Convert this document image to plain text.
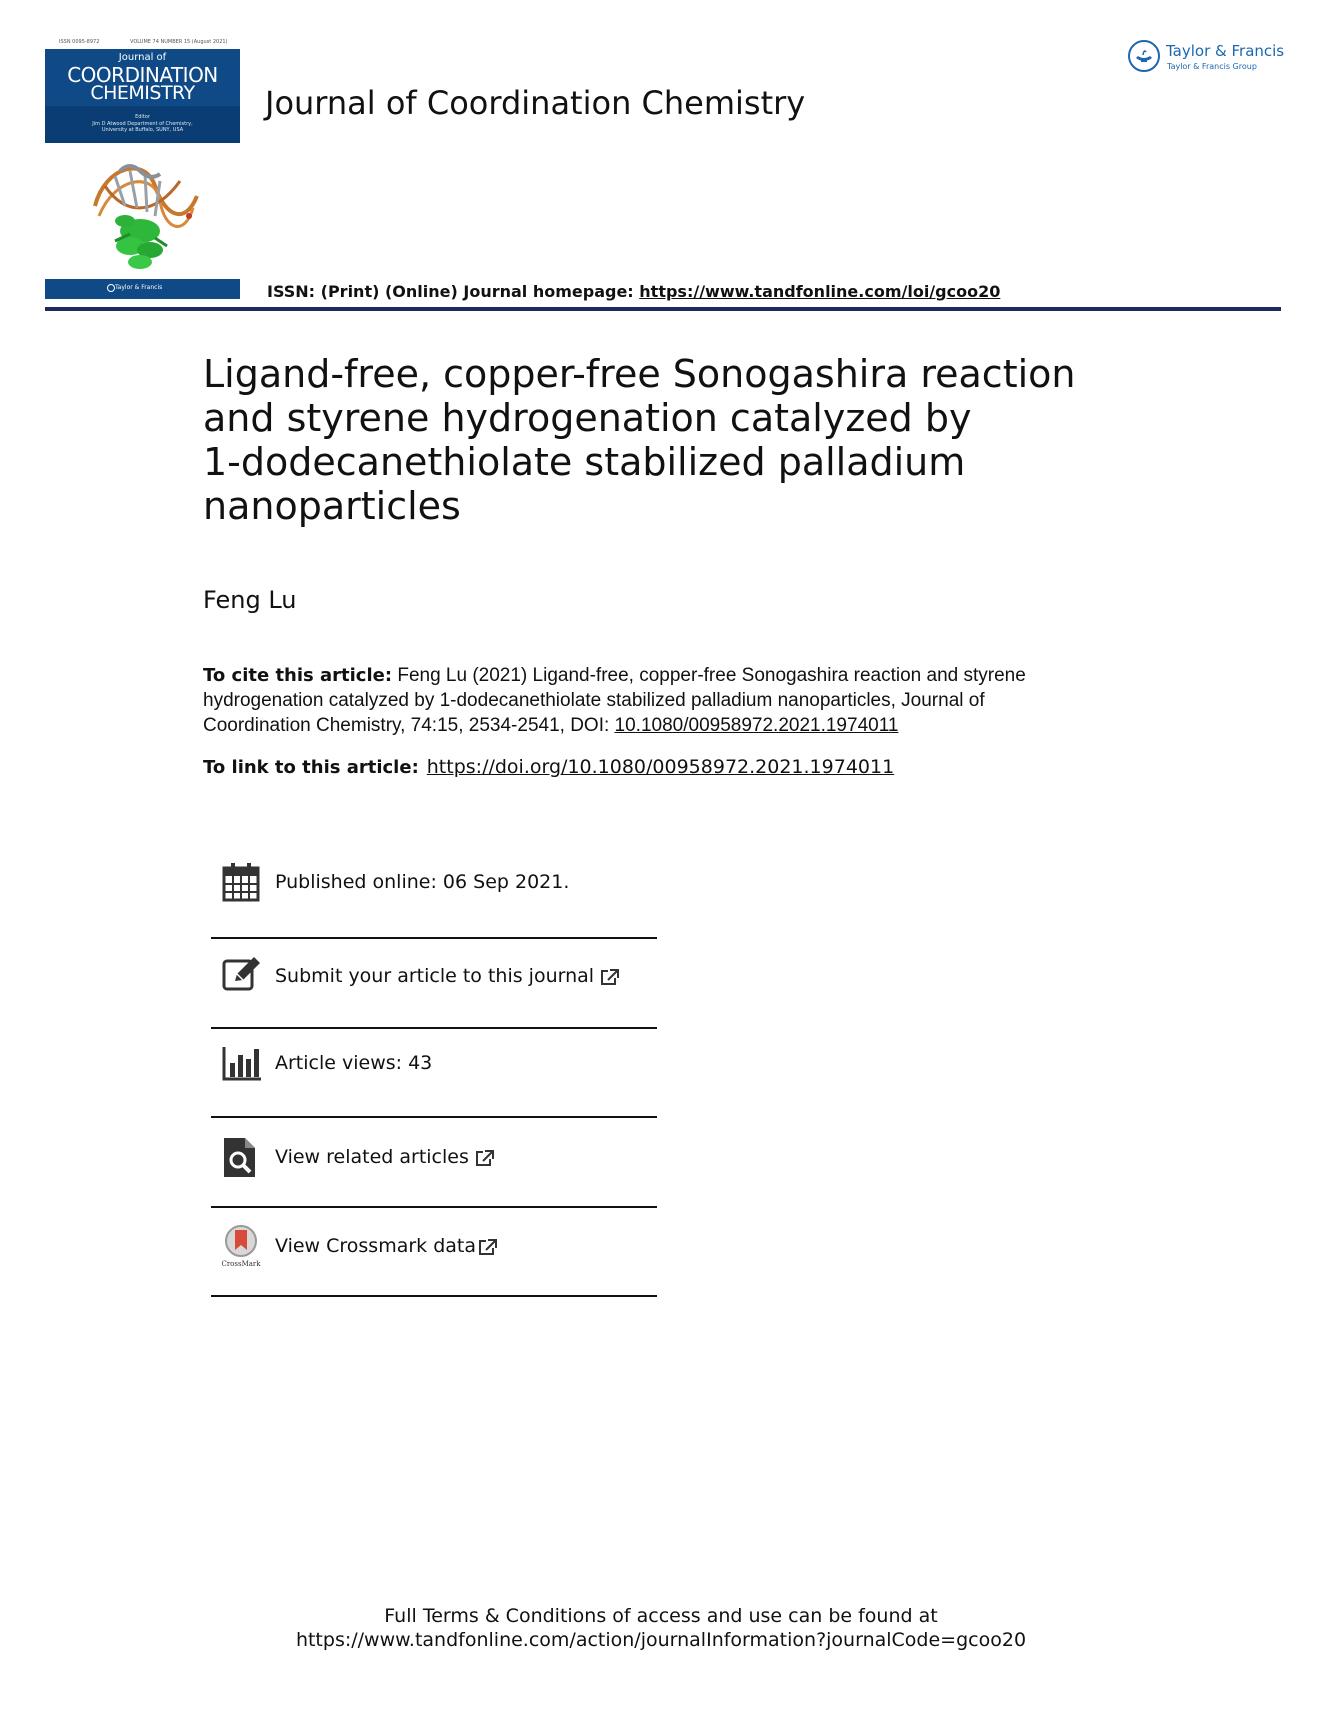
ISSN 0095-8972	VOLUME 74 NUMBER 15 (August 2021)
Journal of
COORDINATION
CHEMISTRY
Editor
Jim D Atwood Department of Chemistry,
University at Buffalo, SUNY, USA
Taylor & Francis
Journal of Coordination Chemistry
Taylor & Francis
Taylor & Francis Group
ISSN: (Print) (Online) Journal homepage: https://www.tandfonline.com/loi/gcoo20
Ligand-free, copper-free Sonogashira reaction
and styrene hydrogenation catalyzed by
1-dodecanethiolate stabilized palladium
nanoparticles
Feng Lu
To cite this article: Feng Lu (2021) Ligand-free, copper-free Sonogashira reaction and styrene
hydrogenation catalyzed by 1-dodecanethiolate stabilized palladium nanoparticles, Journal of
Coordination Chemistry, 74:15, 2534-2541, DOI: 10.1080/00958972.2021.1974011
To link to this article: https://doi.org/10.1080/00958972.2021.1974011
Published online: 06 Sep 2021.
Submit your article to this journal
Article views: 43
View related articles
CrossMark
View Crossmark data
Full Terms & Conditions of access and use can be found at
https://www.tandfonline.com/action/journalInformation?journalCode=gcoo20
